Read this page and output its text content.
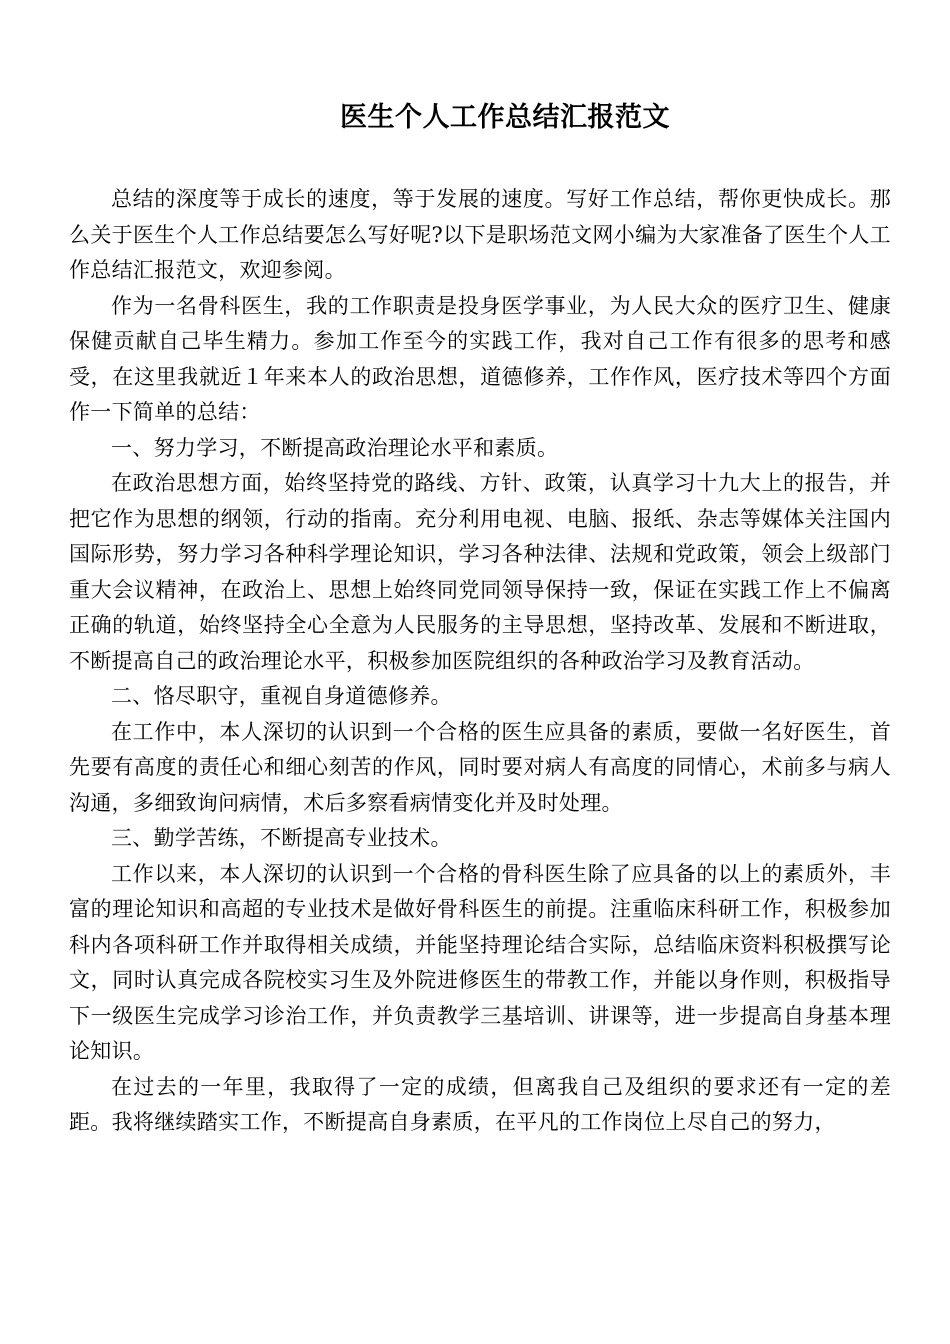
医生个人工作总结汇报范文

总结的深度等于成长的速度，等于发展的速度。写好工作总结，帮你更快成长。那么关于医生个人工作总结要怎么写好呢?以下是职场范文网小编为大家准备了医生个人工作总结汇报范文，欢迎参阅。

作为一名骨科医生，我的工作职责是投身医学事业，为人民大众的医疗卫生、健康保健贡献自己毕生精力。参加工作至今的实践工作，我对自己工作有很多的思考和感受，在这里我就近１年来本人的政治思想，道德修养，工作作风，医疗技术等四个方面作一下简单的总结：

一、努力学习，不断提高政治理论水平和素质。

在政治思想方面，始终坚持党的路线、方针、政策，认真学习十九大上的报告，并把它作为思想的纲领，行动的指南。充分利用电视、电脑、报纸、杂志等媒体关注国内国际形势，努力学习各种科学理论知识，学习各种法律、法规和党政策，领会上级部门重大会议精神，在政治上、思想上始终同党同领导保持一致，保证在实践工作上不偏离正确的轨道，始终坚持全心全意为人民服务的主导思想，坚持改革、发展和不断进取，不断提高自己的政治理论水平，积极参加医院组织的各种政治学习及教育活动。

二、恪尽职守，重视自身道德修养。

在工作中，本人深切的认识到一个合格的医生应具备的素质，要做一名好医生，首先要有高度的责任心和细心刻苦的作风，同时要对病人有高度的同情心，术前多与病人沟通，多细致询问病情，术后多察看病情变化并及时处理。

三、勤学苦练，不断提高专业技术。

工作以来，本人深切的认识到一个合格的骨科医生除了应具备的以上的素质外，丰富的理论知识和高超的专业技术是做好骨科医生的前提。注重临床科研工作，积极参加科内各项科研工作并取得相关成绩，并能坚持理论结合实际，总结临床资料积极撰写论文，同时认真完成各院校实习生及外院进修医生的带教工作，并能以身作则，积极指导下一级医生完成学习诊治工作，并负责教学三基培训、讲课等，进一步提高自身基本理论知识。

在过去的一年里，我取得了一定的成绩，但离我自己及组织的要求还有一定的差距。我将继续踏实工作，不断提高自身素质，在平凡的工作岗位上尽自己的努力，
